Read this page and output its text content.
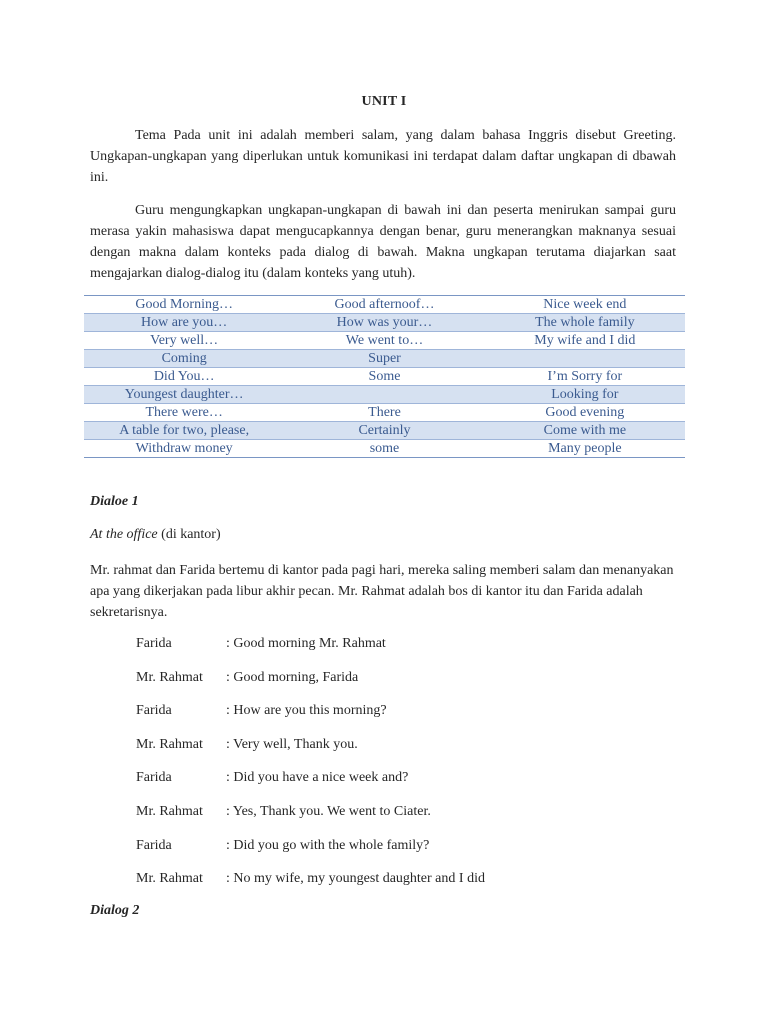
UNIT I
Tema Pada unit ini adalah memberi salam, yang dalam bahasa Inggris disebut Greeting. Ungkapan-ungkapan yang diperlukan untuk komunikasi ini terdapat dalam daftar ungkapan di dbawah ini.
Guru mengungkapkan ungkapan-ungkapan di bawah ini dan peserta menirukan sampai guru merasa yakin mahasiswa dapat mengucapkannya dengan benar, guru menerangkan maknanya sesuai dengan makna dalam konteks pada dialog di bawah. Makna ungkapan terutama diajarkan saat mengajarkan dialog-dialog itu (dalam konteks yang utuh).
Good Morning…	Good afternoof…	Nice week end
How are you…	How was your…	The whole family
Very well…	We went to…	My wife and I did
Coming	Super	
Did You…	Some	I’m Sorry for
Youngest daughter…		Looking for
There were…	There	Good evening
A table for two, please,	Certainly	Come with me
Withdraw money	some	Many people
Dialoe 1
At the office (di kantor)
Mr. rahmat dan Farida bertemu di kantor pada pagi hari, mereka saling memberi salam dan menanyakan apa yang dikerjakan pada libur akhir pecan. Mr. Rahmat adalah bos di kantor itu dan Farida adalah sekretarisnya.
Farida	: Good morning Mr. Rahmat
Mr. Rahmat : Good morning, Farida
Farida	: How are you this morning?
Mr. Rahmat : Very well, Thank you.
Farida	: Did you have a nice week and?
Mr. Rahmat : Yes, Thank you. We went to Ciater.
Farida	: Did you go with the whole family?
Mr. Rahmat : No my wife, my youngest daughter and I did
Dialog 2
